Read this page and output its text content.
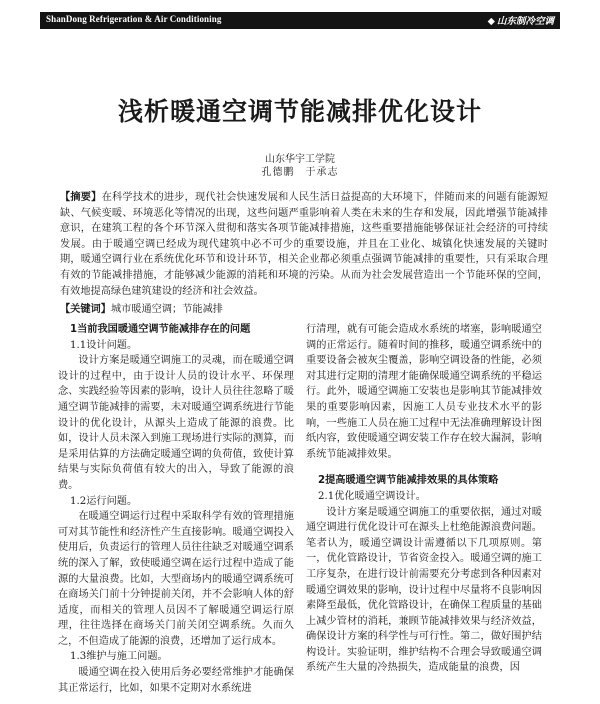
ShanDong Refrigeration & Air Conditioning	◆ 山东制冷空调
浅析暖通空调节能减排优化设计
山东华宇工学院
孔德鹏　于承志
【摘要】在科学技术的进步，现代社会快速发展和人民生活日益提高的大环境下，伴随而来的问题有能源短缺、气候变暖、环境恶化等情况的出现，这些问题严重影响着人类在未来的生存和发展，因此增强节能减排意识，在建筑工程的各个环节深入贯彻和落实各项节能减排措施，这些重要措施能够保证社会经济的可持续发展。由于暖通空调已经成为现代建筑中必不可少的重要设施，并且在工业化、城镇化快速发展的关键时期，暖通空调行业在系统优化环节和设计环节，相关企业都必须重点强调节能减排的重要性，只有采取合理有效的节能减排措施，才能够减少能源的消耗和环境的污染。从而为社会发展营造出一个节能环保的空间，有效地提高绿色建筑建设的经济和社会效益。
【关键词】城市暖通空调；节能减排
1当前我国暖通空调节能减排存在的问题
1.1设计问题。
设计方案是暖通空调施工的灵魂，而在暖通空调设计的过程中，由于设计人员的设计水平、环保理念、实践经验等因素的影响，设计人员往往忽略了暖通空调节能减排的需要，未对暖通空调系统进行节能设计的优化设计，从源头上造成了能源的浪费。比如，设计人员未深入到施工现场进行实际的测算，而是采用估算的方法确定暖通空调的负荷值，致使计算结果与实际负荷值有较大的出入，导致了能源的浪费。
1.2运行问题。
在暖通空调运行过程中采取科学有效的管理措施可对其节能性和经济性产生直接影响。暖通空调投入使用后，负责运行的管理人员往往缺乏对暖通空调系统的深入了解，致使暖通空调在运行过程中造成了能源的大量浪费。比如，大型商场内的暖通空调系统可在商场关门前十分钟提前关闭，并不会影响人体的舒适度，而相关的管理人员因不了解暖通空调运行原理，往往选择在商场关门前关闭空调系统。久而久之，不但造成了能源的浪费，还增加了运行成本。
1.3维护与施工问题。
暖通空调在投入使用后务必要经常维护才能确保其正常运行，比如，如果不定期对水系统进
行清理，就有可能会造成水系统的堵塞，影响暖通空调的正常运行。随着时间的推移，暖通空调系统中的重要设备会被灰尘覆盖，影响空调设备的性能，必须对其进行定期的清理才能确保暖通空调系统的平稳运行。此外，暖通空调施工安装也是影响其节能减排效果的重要影响因素，因施工人员专业技术水平的影响，一些施工人员在施工过程中无法准确理解设计图纸内容，致使暖通空调安装工作存在较大漏洞，影响系统节能减排效果。
2提高暖通空调节能减排效果的具体策略
2.1优化暖通空调设计。
设计方案是暖通空调施工的重要依据，通过对暖通空调进行优化设计可在源头上杜绝能源浪费问题。笔者认为，暖通空调设计需遵循以下几项原则。第一，优化管路设计，节省资金投入。暖通空调的施工工序复杂，在进行设计前需要充分考虑到各种因素对暖通空调效果的影响，设计过程中尽量将不良影响因素降至最低，优化管路设计，在确保工程质量的基础上减少管材的消耗，兼顾节能减排效果与经济效益，确保设计方案的科学性与可行性。第二，做好围护结构设计。实验证明，维护结构不合理会导致暖通空调系统产生大量的冷热损失，造成能量的浪费，因
